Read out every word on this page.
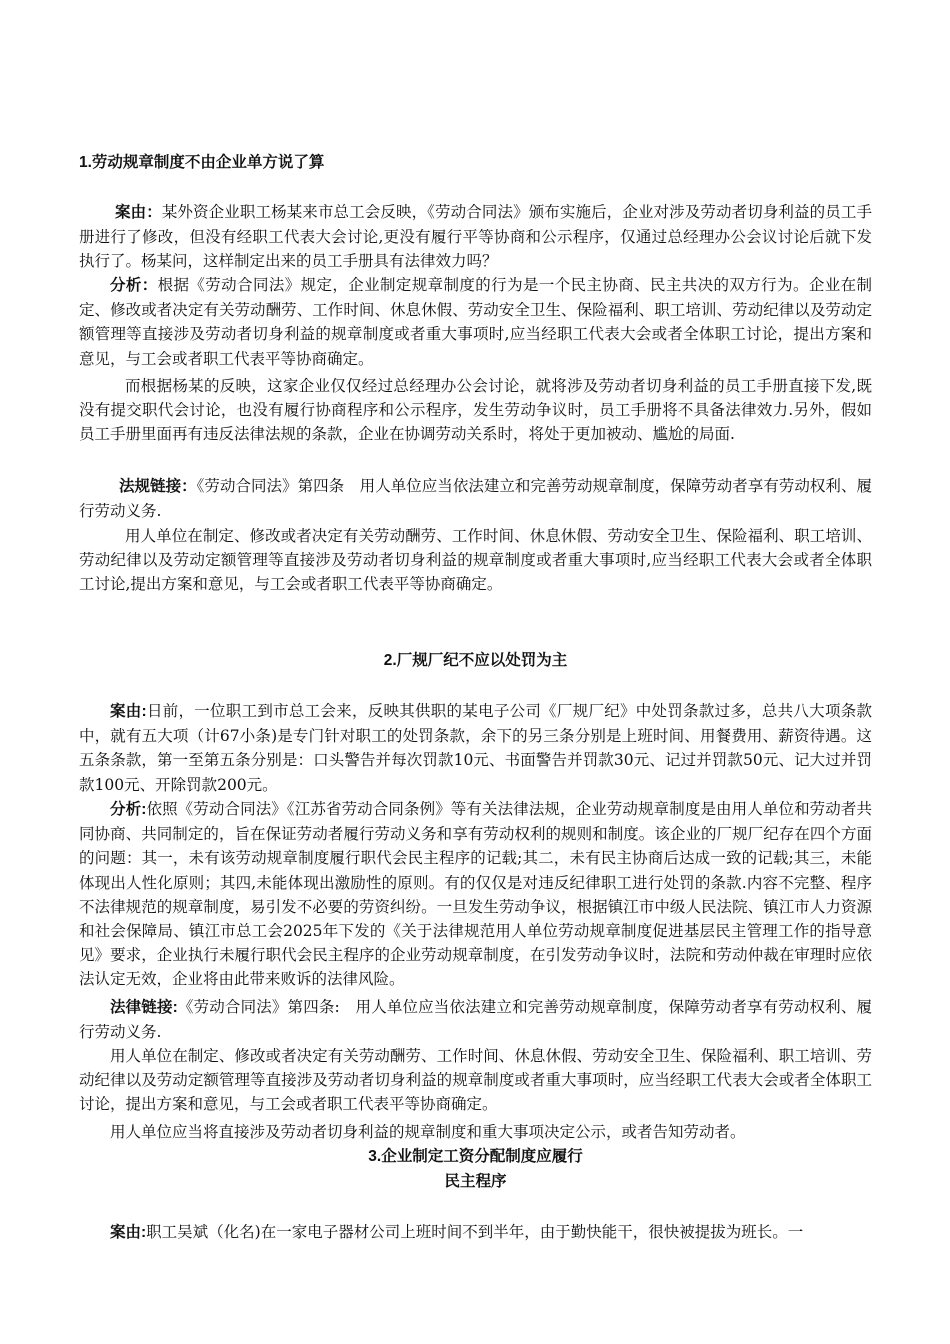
1.劳动规章制度不由企业单方说了算

案由：某外资企业职工杨某来市总工会反映，《劳动合同法》颁布实施后，企业对涉及劳动者切身利益的员工手册进行了修改，但没有经职工代表大会讨论,更没有履行平等协商和公示程序，仅通过总经理办公会议讨论后就下发执行了。杨某问，这样制定出来的员工手册具有法律效力吗？

分析：根据《劳动合同法》规定，企业制定规章制度的行为是一个民主协商、民主共决的双方行为。企业在制定、修改或者决定有关劳动酬劳、工作时间、休息休假、劳动安全卫生、保险福利、职工培训、劳动纪律以及劳动定额管理等直接涉及劳动者切身利益的规章制度或者重大事项时,应当经职工代表大会或者全体职工讨论，提出方案和意见，与工会或者职工代表平等协商确定。

而根据杨某的反映，这家企业仅仅经过总经理办公会讨论，就将涉及劳动者切身利益的员工手册直接下发,既没有提交职代会讨论，也没有履行协商程序和公示程序，发生劳动争议时，员工手册将不具备法律效力.另外，假如员工手册里面再有违反法律法规的条款，企业在协调劳动关系时，将处于更加被动、尴尬的局面.

法规链接：《劳动合同法》第四条　用人单位应当依法建立和完善劳动规章制度，保障劳动者享有劳动权利、履行劳动义务.

用人单位在制定、修改或者决定有关劳动酬劳、工作时间、休息休假、劳动安全卫生、保险福利、职工培训、劳动纪律以及劳动定额管理等直接涉及劳动者切身利益的规章制度或者重大事项时,应当经职工代表大会或者全体职工讨论,提出方案和意见，与工会或者职工代表平等协商确定。

2.厂规厂纪不应以处罚为主

案由:日前，一位职工到市总工会来，反映其供职的某电子公司《厂规厂纪》中处罚条款过多，总共八大项条款中，就有五大项（计67小条)是专门针对职工的处罚条款，余下的另三条分别是上班时间、用餐费用、薪资待遇。这五条条款，第一至第五条分别是：口头警告并每次罚款10元、书面警告并罚款30元、记过并罚款50元、记大过并罚款100元、开除罚款200元。

分析:依照《劳动合同法》《江苏省劳动合同条例》等有关法律法规，企业劳动规章制度是由用人单位和劳动者共同协商、共同制定的，旨在保证劳动者履行劳动义务和享有劳动权利的规则和制度。该企业的厂规厂纪存在四个方面的问题：其一，未有该劳动规章制度履行职代会民主程序的记载;其二，未有民主协商后达成一致的记载;其三，未能体现出人性化原则；其四,未能体现出激励性的原则。有的仅仅是对违反纪律职工进行处罚的条款.内容不完整、程序不法律规范的规章制度，易引发不必要的劳资纠纷。一旦发生劳动争议，根据镇江市中级人民法院、镇江市人力资源和社会保障局、镇江市总工会2025年下发的《关于法律规范用人单位劳动规章制度促进基层民主管理工作的指导意见》要求，企业执行未履行职代会民主程序的企业劳动规章制度，在引发劳动争议时，法院和劳动仲裁在审理时应依法认定无效，企业将由此带来败诉的法律风险。

法律链接:《劳动合同法》第四条:　用人单位应当依法建立和完善劳动规章制度，保障劳动者享有劳动权利、履行劳动义务.

用人单位在制定、修改或者决定有关劳动酬劳、工作时间、休息休假、劳动安全卫生、保险福利、职工培训、劳动纪律以及劳动定额管理等直接涉及劳动者切身利益的规章制度或者重大事项时，应当经职工代表大会或者全体职工讨论，提出方案和意见，与工会或者职工代表平等协商确定。

用人单位应当将直接涉及劳动者切身利益的规章制度和重大事项决定公示，或者告知劳动者。

3.企业制定工资分配制度应履行
民主程序

案由:职工吴斌（化名)在一家电子器材公司上班时间不到半年，由于勤快能干，很快被提拔为班长。一
